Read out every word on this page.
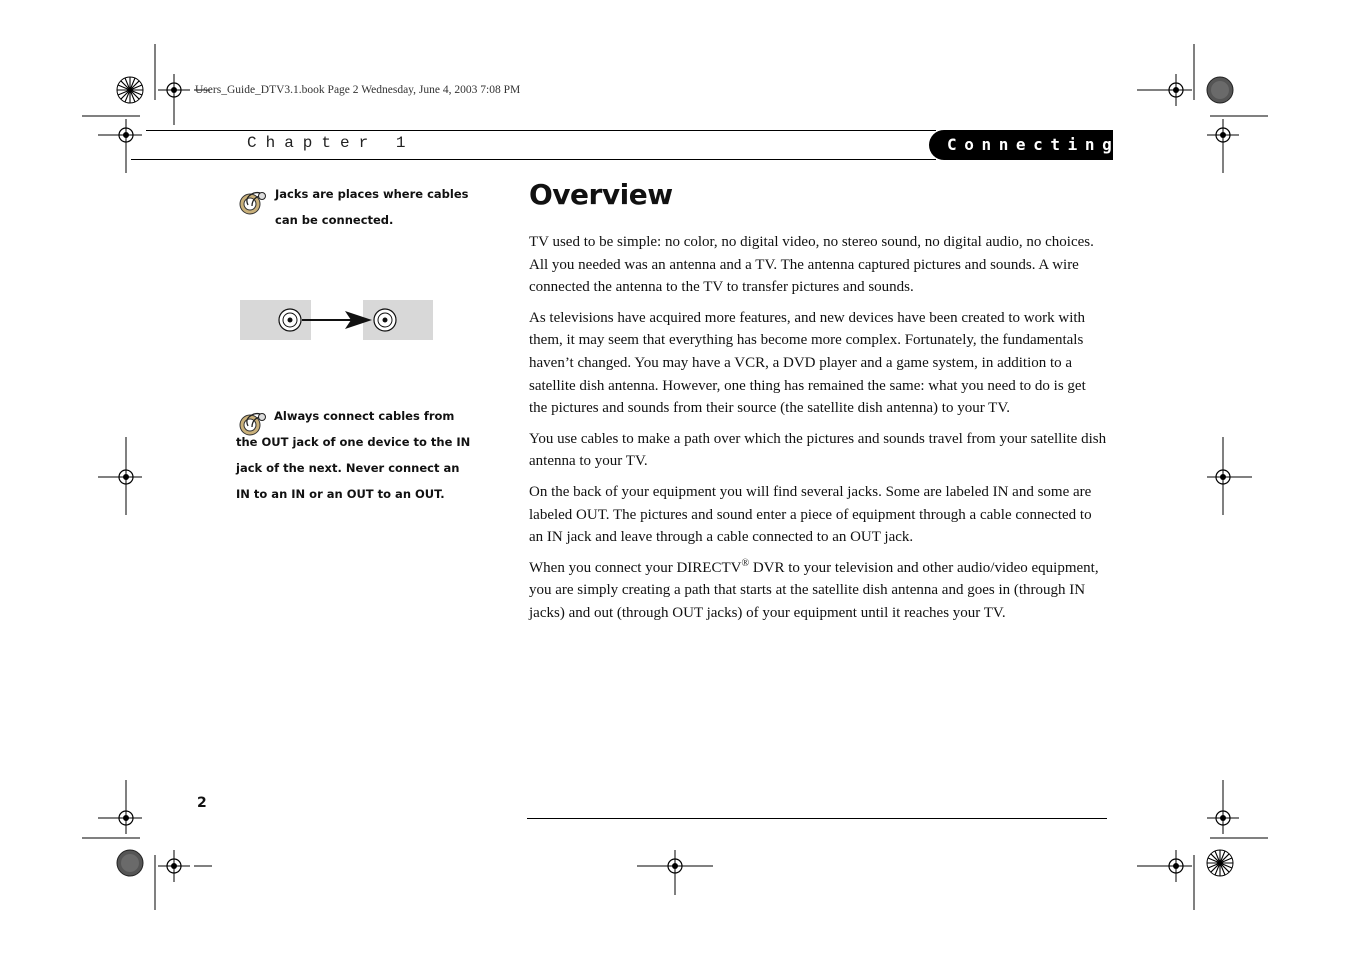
Users_Guide_DTV3.1.book Page 2 Wednesday, June 4, 2003 7:08 PM
Chapter 1	Connecting
Jacks are places where cables can be connected.
Always connect cables from the OUT jack of one device to the IN jack of the next. Never connect an IN to an IN or an OUT to an OUT.
Overview

TV used to be simple: no color, no digital video, no stereo sound, no digital audio, no choices. All you needed was an antenna and a TV. The antenna captured pictures and sounds. A wire connected the antenna to the TV to transfer pictures and sounds.

As televisions have acquired more features, and new devices have been created to work with them, it may seem that everything has become more complex. Fortunately, the fundamentals haven’t changed. You may have a VCR, a DVD player and a game system, in addition to a satellite dish antenna. However, one thing has remained the same: what you need to do is get the pictures and sounds from their source (the satellite dish antenna) to your TV.

You use cables to make a path over which the pictures and sounds travel from your satellite dish antenna to your TV.

On the back of your equipment you will find several jacks. Some are labeled IN and some are labeled OUT. The pictures and sound enter a piece of equipment through a cable connected to an IN jack and leave through a cable connected to an OUT jack.

When you connect your DIRECTV® DVR to your television and other audio/video equipment, you are simply creating a path that starts at the satellite dish antenna and goes in (through IN jacks) and out (through OUT jacks) of your equipment until it reaches your TV.

2
